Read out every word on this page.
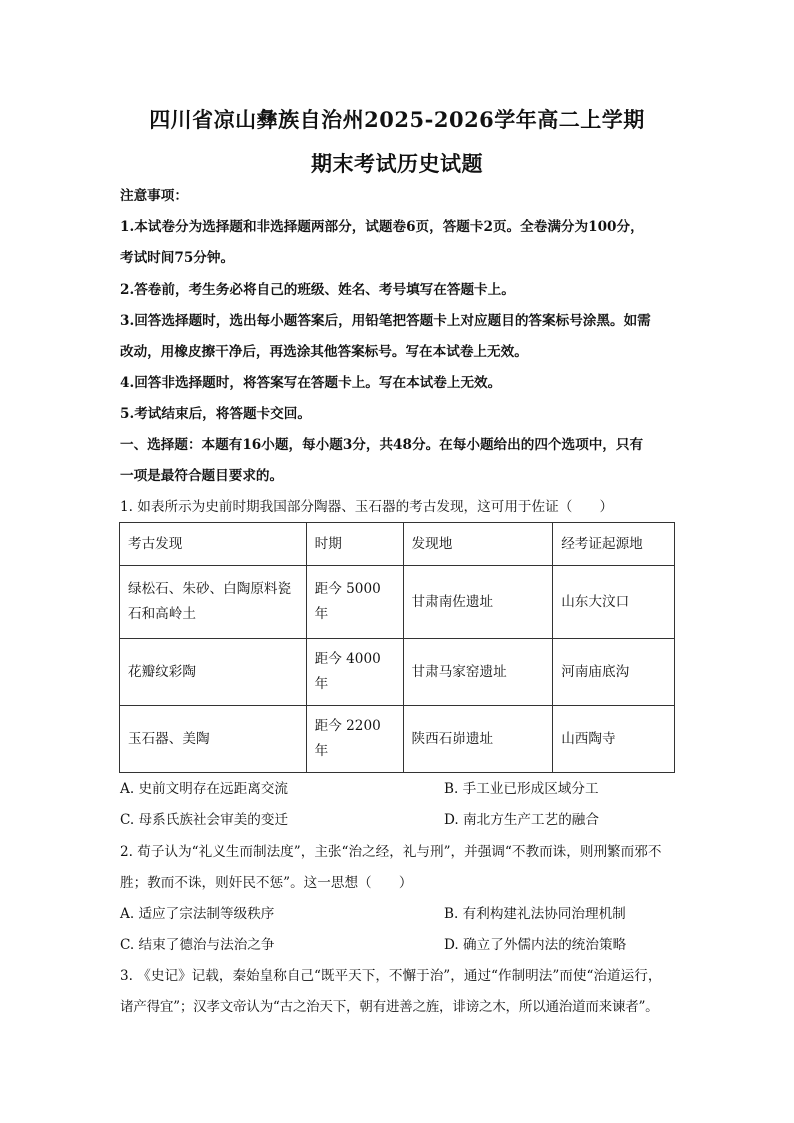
四川省凉山彝族自治州2025-2026学年高二上学期
期末考试历史试题
注意事项：
1.本试卷分为选择题和非选择题两部分，试题卷6页，答题卡2页。全卷满分为100分，
考试时间75分钟。
2.答卷前，考生务必将自己的班级、姓名、考号填写在答题卡上。
3.回答选择题时，选出每小题答案后，用铅笔把答题卡上对应题目的答案标号涂黑。如需
改动，用橡皮擦干净后，再选涂其他答案标号。写在本试卷上无效。
4.回答非选择题时，将答案写在答题卡上。写在本试卷上无效。
5.考试结束后，将答题卡交回。
一、选择题：本题有16小题，每小题3分，共48分。在每小题给出的四个选项中，只有
一项是最符合题目要求的。
1. 如表所示为史前时期我国部分陶器、玉石器的考古发现，这可用于佐证（　　）
考古发现	时期	发现地	经考证起源地

绿松石、朱砂、白陶原料瓷
石和高岭土	距今 5000 年	甘肃南佐遗址	山东大汶口
花瓣纹彩陶	距今 4000 年	甘肃马家窑遗址	河南庙底沟
玉石器、美陶	距今 2200 年	陕西石峁遗址	山西陶寺
A. 史前文明存在远距离交流	B. 手工业已形成区域分工
C. 母系氏族社会审美的变迁	D. 南北方生产工艺的融合
2. 荀子认为“礼义生而制法度”，主张“治之经，礼与刑”，并强调“不教而诛，则刑繁而邪不
胜；教而不诛，则奸民不惩”。这一思想（　　）
A. 适应了宗法制等级秩序	B. 有利构建礼法协同治理机制
C. 结束了德治与法治之争	D. 确立了外儒内法的统治策略
3. 《史记》记载，秦始皇称自己“既平天下，不懈于治”，通过“作制明法”而使“治道运行，
诸产得宜”；汉孝文帝认为“古之治天下，朝有进善之旌，诽谤之木，所以通治道而来谏者”。
